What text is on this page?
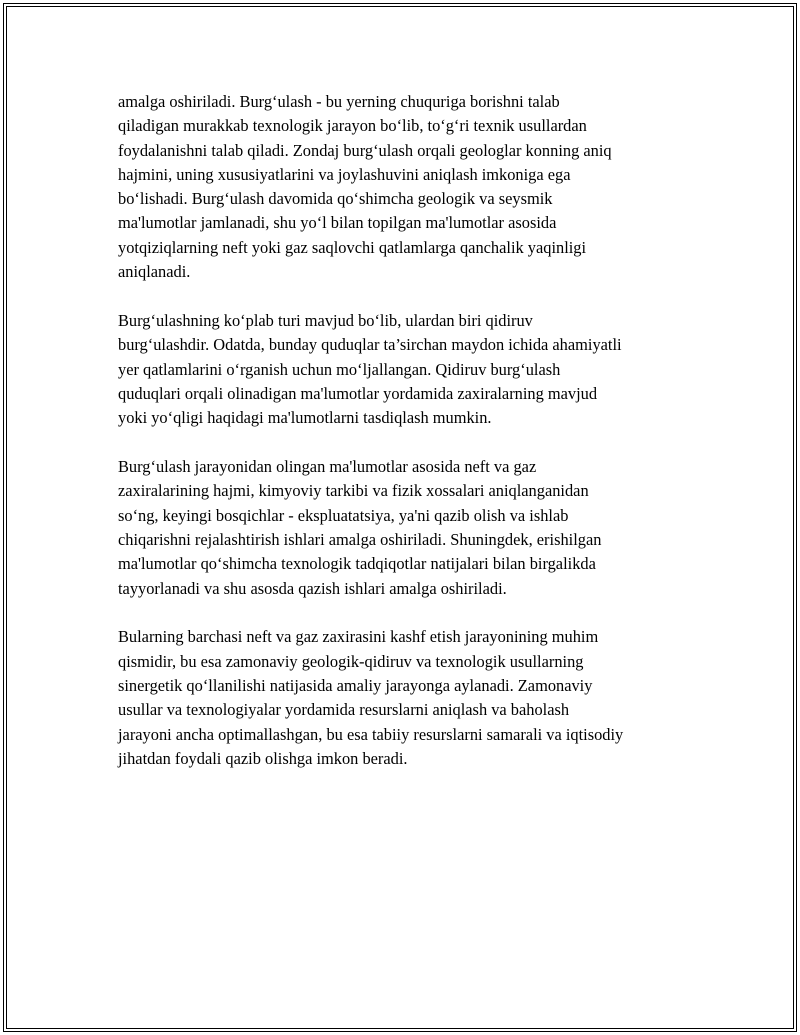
amalga oshiriladi. Burg‘ulash - bu yerning chuquriga borishni talab
qiladigan murakkab texnologik jarayon bo‘lib, to‘g‘ri texnik usullardan
foydalanishni talab qiladi. Zondaj burg‘ulash orqali geologlar konning aniq
hajmini, uning xususiyatlarini va joylashuvini aniqlash imkoniga ega
bo‘lishadi. Burg‘ulash davomida qo‘shimcha geologik va seysmik
ma'lumotlar jamlanadi, shu yo‘l bilan topilgan ma'lumotlar asosida
yotqiziqlarning neft yoki gaz saqlovchi qatlamlarga qanchalik yaqinligi
aniqlanadi.

Burg‘ulashning ko‘plab turi mavjud bo‘lib, ulardan biri qidiruv
burg‘ulashdir. Odatda, bunday quduqlar ta’sirchan maydon ichida ahamiyatli
yer qatlamlarini o‘rganish uchun mo‘ljallangan. Qidiruv burg‘ulash
quduqlari orqali olinadigan ma'lumotlar yordamida zaxiralarning mavjud
yoki yo‘qligi haqidagi ma'lumotlarni tasdiqlash mumkin.

Burg‘ulash jarayonidan olingan ma'lumotlar asosida neft va gaz
zaxiralarining hajmi, kimyoviy tarkibi va fizik xossalari aniqlanganidan
so‘ng, keyingi bosqichlar - ekspluatatsiya, ya'ni qazib olish va ishlab
chiqarishni rejalashtirish ishlari amalga oshiriladi. Shuningdek, erishilgan
ma'lumotlar qo‘shimcha texnologik tadqiqotlar natijalari bilan birgalikda
tayyorlanadi va shu asosda qazish ishlari amalga oshiriladi.

Bularning barchasi neft va gaz zaxirasini kashf etish jarayonining muhim
qismidir, bu esa zamonaviy geologik-qidiruv va texnologik usullarning
sinergetik qo‘llanilishi natijasida amaliy jarayonga aylanadi. Zamonaviy
usullar va texnologiyalar yordamida resurslarni aniqlash va baholash
jarayoni ancha optimallashgan, bu esa tabiiy resurslarni samarali va iqtisodiy
jihatdan foydali qazib olishga imkon beradi.
